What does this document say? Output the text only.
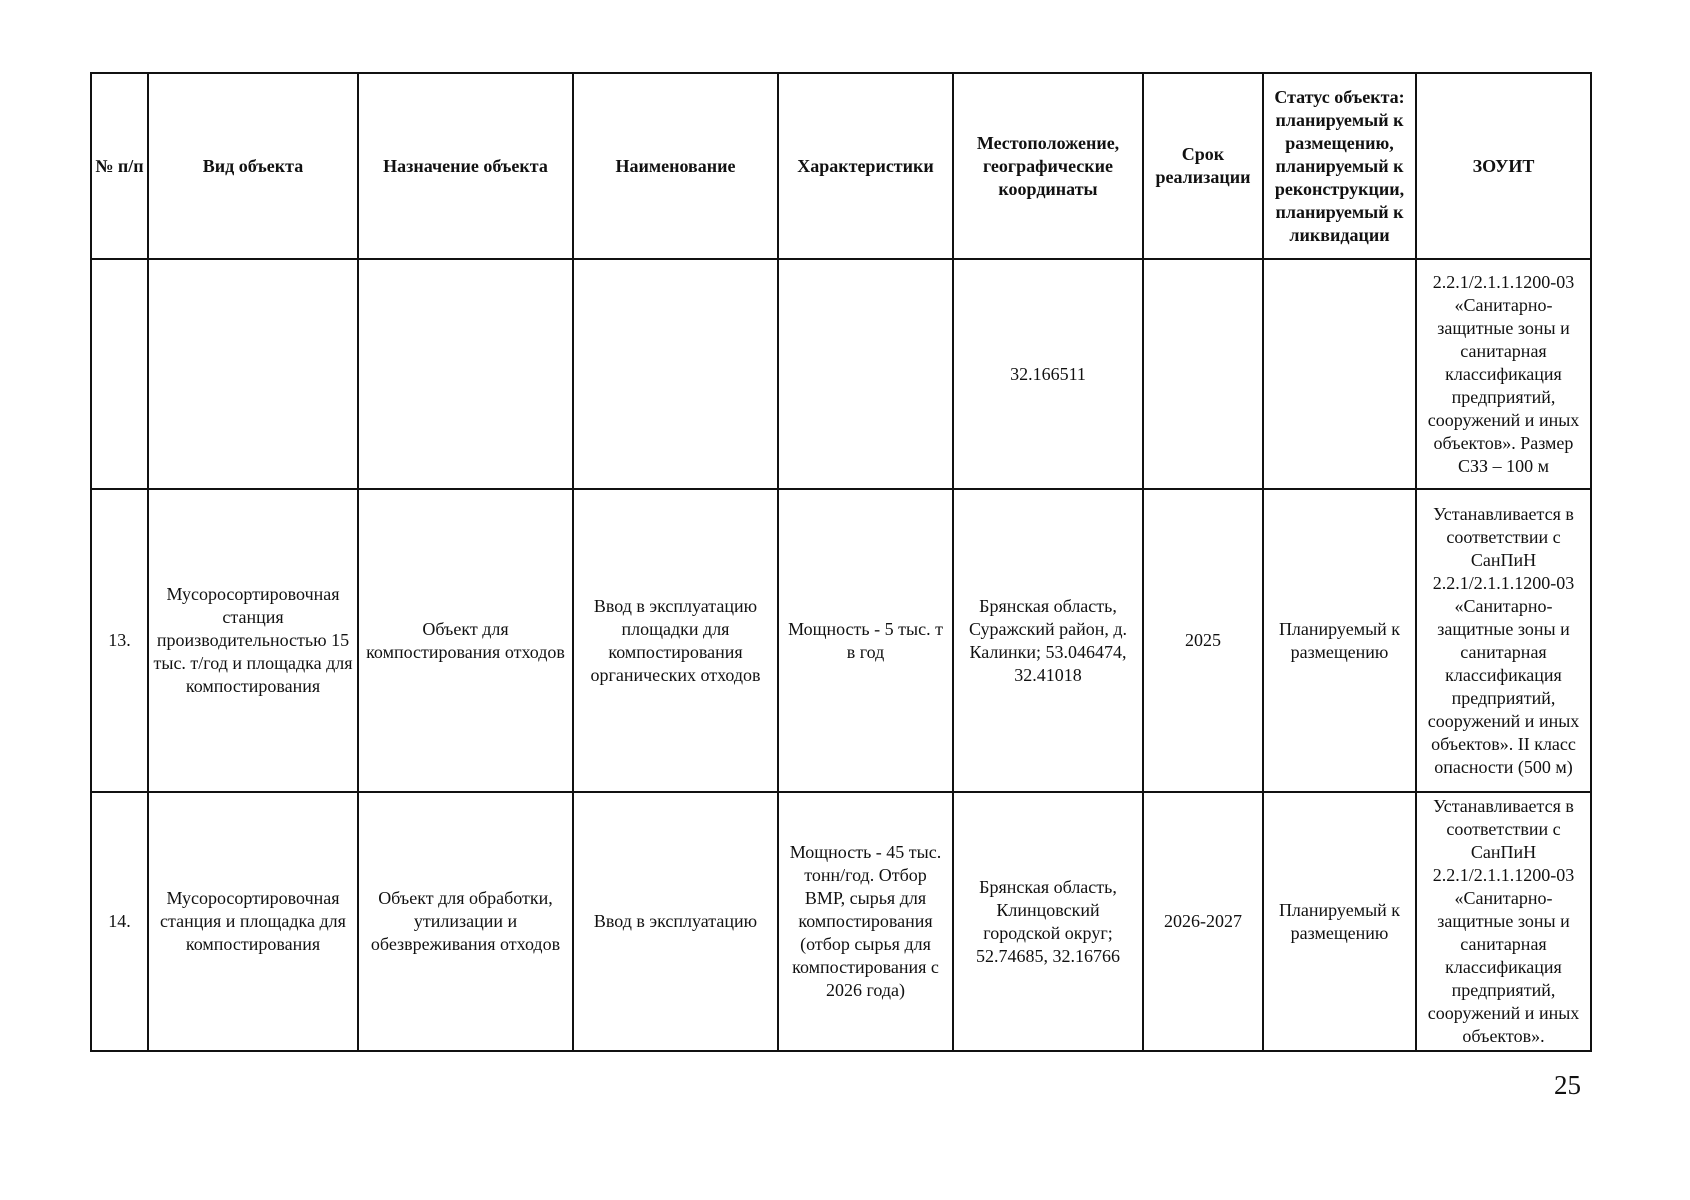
№ п/п	Вид объекта	Назначение объекта	Наименование	Характеристики	Местоположение, географические координаты	Срок реализации	Статус объекта: планируемый к размещению, планируемый к реконструкции, планируемый к ликвидации	ЗОУИТ
					32.166511			2.2.1/2.1.1.1200-03 «Санитарно-защитные зоны и санитарная классификация предприятий, сооружений и иных объектов». Размер СЗЗ – 100 м
13.	Мусоросортировочная станция производительностью 15 тыс. т/год и площадка для компостирования	Объект для компостирования отходов	Ввод в эксплуатацию площадки для компостирования органических отходов	Мощность - 5 тыс. т в год	Брянская область, Суражский район, д. Калинки; 53.046474, 32.41018	2025	Планируемый к размещению	Устанавливается в соответствии с СанПиН 2.2.1/2.1.1.1200-03 «Санитарно-защитные зоны и санитарная классификация предприятий, сооружений и иных объектов». II класс опасности (500 м)
14.	Мусоросортировочная станция и площадка для компостирования	Объект для обработки, утилизации и обезвреживания отходов	Ввод в эксплуатацию	Мощность - 45 тыс. тонн/год. Отбор ВМР, сырья для компостирования (отбор сырья для компостирования с 2026 года)	Брянская область, Клинцовский городской округ; 52.74685, 32.16766	2026-2027	Планируемый к размещению	Устанавливается в соответствии с СанПиН 2.2.1/2.1.1.1200-03 «Санитарно-защитные зоны и санитарная классификация предприятий, сооружений и иных объектов».
25
